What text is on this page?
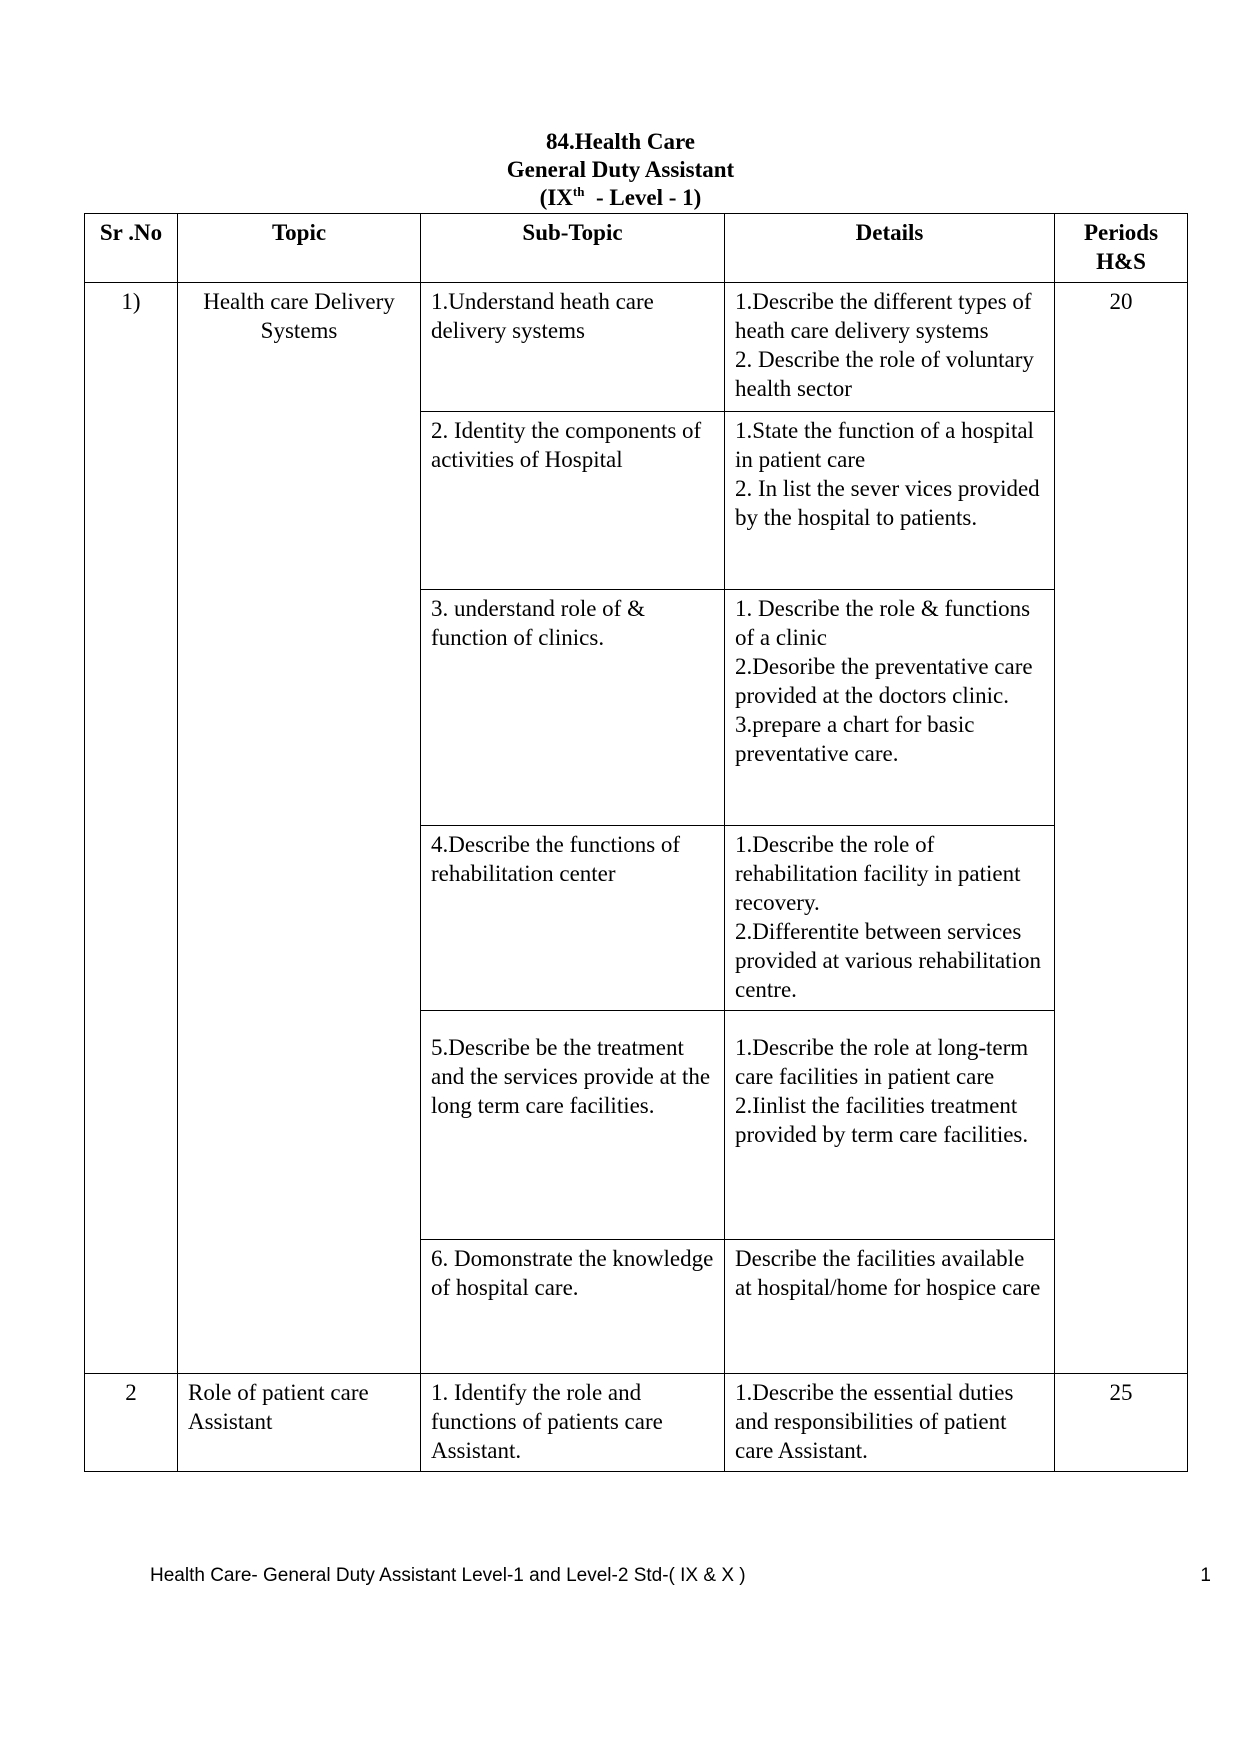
84.Health Care
General Duty Assistant
(IXth  - Level - 1)
Sr .No	Topic	Sub-Topic	Details	Periods
H&S
1)	Health care Delivery Systems	1.Understand heath care delivery systems	1.Describe the different types of heath care delivery systems
2. Describe the role of voluntary health sector	20
		2. Identity the components of activities of Hospital	1.State the function of a hospital in patient care
2. In list the sever vices provided by the hospital to patients.	
		3. understand role of & function of clinics.	1. Describe the role & functions of a clinic
2.Desoribe the preventative care provided at the doctors clinic.
3.prepare a chart for basic preventative care.	
		4.Describe the functions of rehabilitation center	1.Describe the role of rehabilitation facility in patient recovery.
2.Differentite between services provided at various rehabilitation centre.	
		5.Describe be the treatment and the services provide at the long term care facilities.	1.Describe the role at long-term care facilities in patient care
2.Iinlist the facilities treatment provided by term care facilities.	
		6. Domonstrate the knowledge of hospital care.	Describe the facilities available at hospital/home for hospice care	
2	Role of patient care Assistant	1. Identify the role and functions of patients care Assistant.	1.Describe the essential duties and responsibilities of patient care Assistant.	25
Health Care- General Duty Assistant Level-1 and Level-2 Std-( IX & X )	1
